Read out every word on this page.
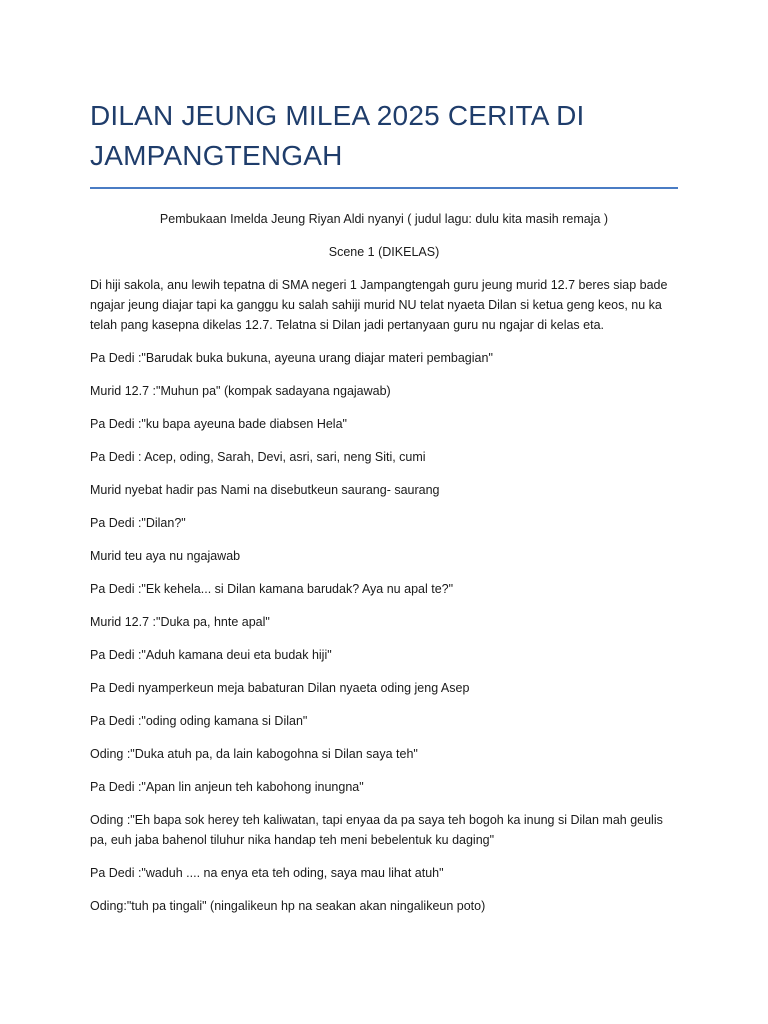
DILAN JEUNG MILEA 2025 CERITA DI JAMPANGTENGAH

Pembukaan Imelda Jeung Riyan Aldi nyanyi ( judul lagu: dulu kita masih remaja )

Scene 1 (DIKELAS)

Di hiji sakola, anu lewih tepatna di SMA negeri 1 Jampangtengah guru jeung murid 12.7 beres siap bade ngajar jeung diajar tapi ka ganggu ku salah sahiji murid NU telat nyaeta Dilan si ketua geng keos, nu ka telah pang kasepna dikelas 12.7. Telatna si Dilan jadi pertanyaan guru nu ngajar di kelas eta.

Pa Dedi :"Barudak buka bukuna, ayeuna urang diajar materi pembagian"

Murid 12.7 :"Muhun pa" (kompak sadayana ngajawab)

Pa Dedi :"ku bapa ayeuna bade diabsen Hela"

Pa Dedi : Acep, oding, Sarah, Devi, asri, sari, neng Siti, cumi

Murid nyebat hadir pas Nami na disebutkeun saurang- saurang

Pa Dedi :"Dilan?"

Murid teu aya nu ngajawab

Pa Dedi :"Ek kehela... si Dilan kamana barudak? Aya nu apal te?"

Murid 12.7 :"Duka pa, hnte apal"

Pa Dedi :"Aduh kamana deui eta budak hiji"

Pa Dedi nyamperkeun meja babaturan Dilan nyaeta oding jeng Asep

Pa Dedi :"oding oding kamana si Dilan"

Oding :"Duka atuh pa, da lain kabogohna si Dilan saya teh"

Pa Dedi :"Apan lin anjeun teh kabohong inungna"

Oding :"Eh bapa sok herey teh kaliwatan, tapi enyaa da pa saya teh bogoh ka inung si Dilan mah geulis pa, euh jaba bahenol tiluhur nika handap teh meni bebelentuk ku daging"

Pa Dedi :"waduh .... na enya eta teh oding, saya mau lihat atuh"

Oding:"tuh pa tingali" (ningalikeun hp na seakan akan ningalikeun poto)
